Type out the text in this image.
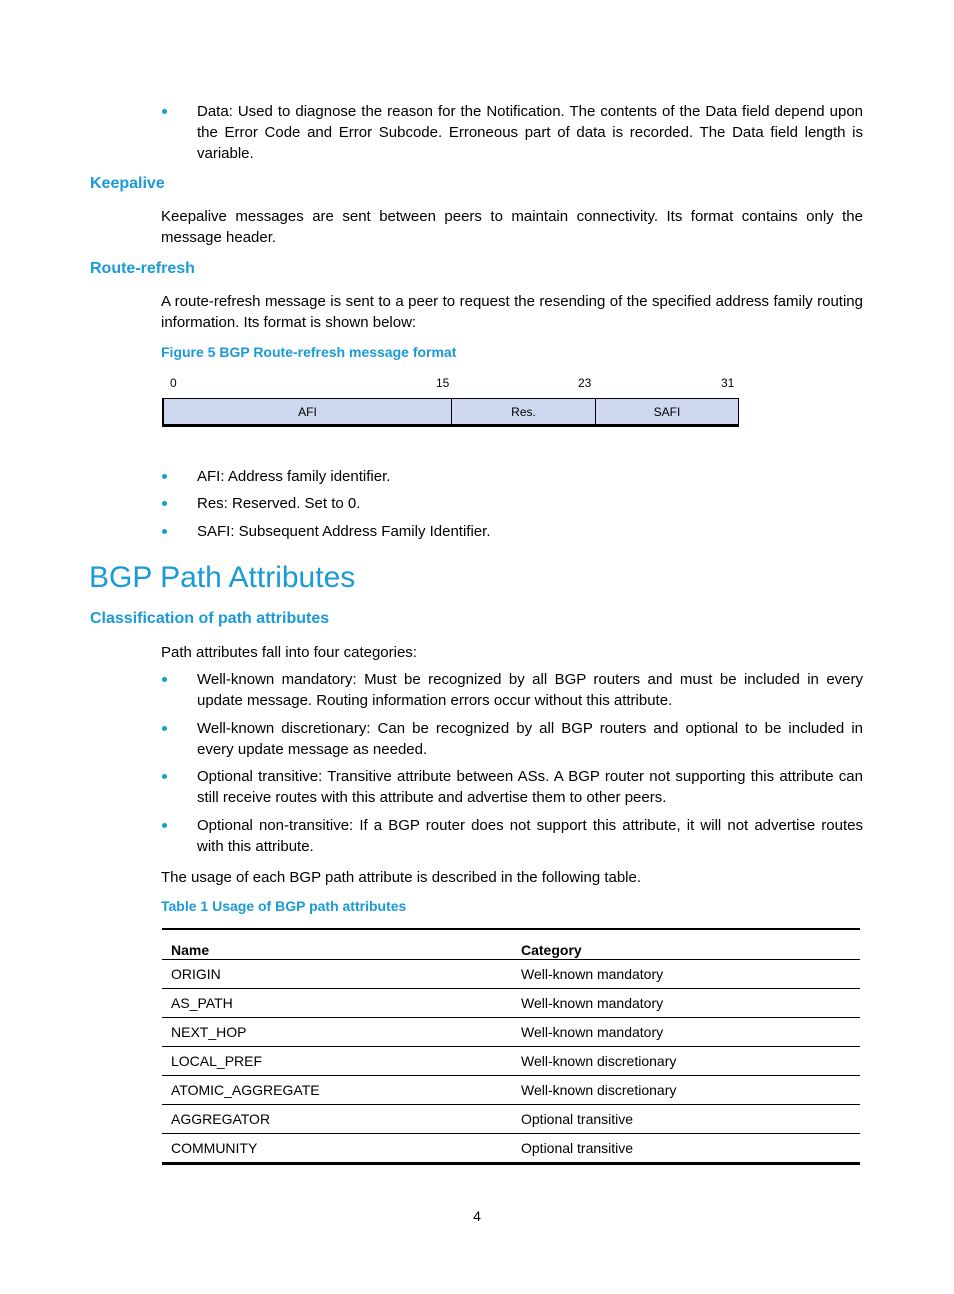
Data: Used to diagnose the reason for the Notification. The contents of the Data field depend upon the Error Code and Error Subcode. Erroneous part of data is recorded. The Data field length is variable.
Keepalive
Keepalive messages are sent between peers to maintain connectivity. Its format contains only the message header.
Route-refresh
A route-refresh message is sent to a peer to request the resending of the specified address family routing information. Its format is shown below:
Figure 5 BGP Route-refresh message format
0	15	23	31
AFI	Res.	SAFI
AFI: Address family identifier.
Res: Reserved. Set to 0.
SAFI: Subsequent Address Family Identifier.
BGP Path Attributes
Classification of path attributes
Path attributes fall into four categories:
Well-known mandatory: Must be recognized by all BGP routers and must be included in every update message. Routing information errors occur without this attribute.
Well-known discretionary: Can be recognized by all BGP routers and optional to be included in every update message as needed.
Optional transitive: Transitive attribute between ASs. A BGP router not supporting this attribute can still receive routes with this attribute and advertise them to other peers.
Optional non-transitive: If a BGP router does not support this attribute, it will not advertise routes with this attribute.
The usage of each BGP path attribute is described in the following table.
Table 1 Usage of BGP path attributes
Name	Category
ORIGIN	Well-known mandatory
AS_PATH	Well-known mandatory
NEXT_HOP	Well-known mandatory
LOCAL_PREF	Well-known discretionary
ATOMIC_AGGREGATE	Well-known discretionary
AGGREGATOR	Optional transitive
COMMUNITY	Optional transitive
4
